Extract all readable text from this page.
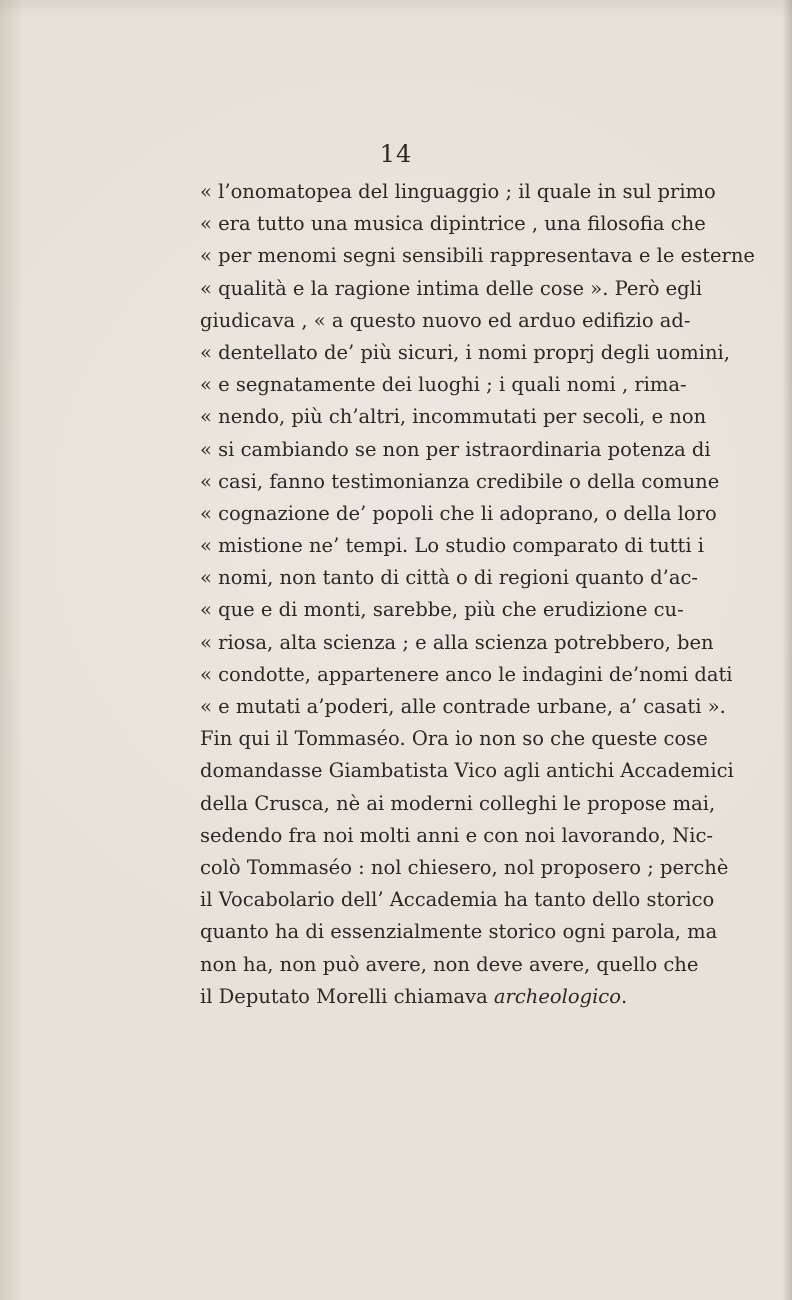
14
« l’onomatopea del linguaggio ; il quale in sul primo
« era tutto una musica dipintrice , una filosofia che
« per menomi segni sensibili rappresentava e le esterne
« qualità e la ragione intima delle cose ». Però egli
giudicava , « a questo nuovo ed arduo edifizio ad-
« dentellato de’ più sicuri, i nomi proprj degli uomini,
« e segnatamente dei luoghi ; i quali nomi , rima-
« nendo, più ch’altri, incommutati per secoli, e non
« si cambiando se non per istraordinaria potenza di
« casi, fanno testimonianza credibile o della comune
« cognazione de’ popoli che li adoprano, o della loro
« mistione ne’ tempi. Lo studio comparato di tutti i
« nomi, non tanto di città o di regioni quanto d’ac-
« que e di monti, sarebbe, più che erudizione cu-
« riosa, alta scienza ; e alla scienza potrebbero, ben
« condotte, appartenere anco le indagini de’nomi dati
« e mutati a’poderi, alle contrade urbane, a’ casati ».
Fin qui il Tommaséo. Ora io non so che queste cose
domandasse Giambatista Vico agli antichi Accademici
della Crusca, nè ai moderni colleghi le propose mai,
sedendo fra noi molti anni e con noi lavorando, Nic-
colò Tommaséo : nol chiesero, nol proposero ; perchè
il Vocabolario dell’ Accademia ha tanto dello storico
quanto ha di essenzialmente storico ogni parola, ma
non ha, non può avere, non deve avere, quello che
il Deputato Morelli chiamava archeologico.
